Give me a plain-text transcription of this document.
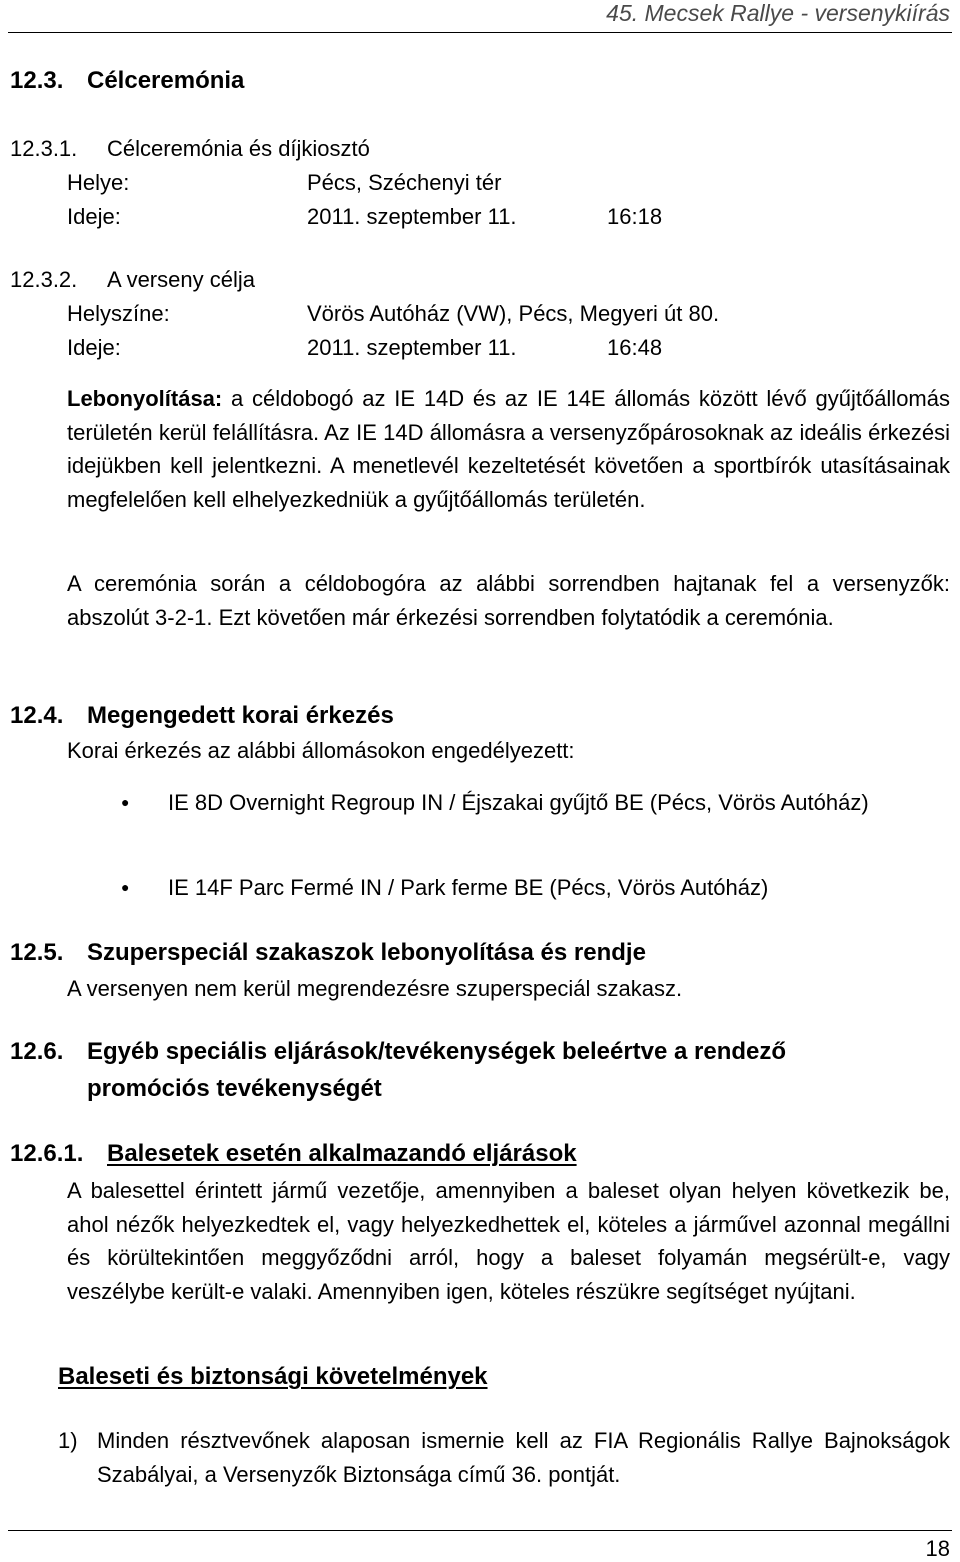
45. Mecsek Rallye - versenykiírás
12.3. Célceremónia
12.3.1. Célceremónia és díjkiosztó
Helye:	Pécs, Széchenyi tér
Ideje:	2011. szeptember 11.	16:18
12.3.2. A verseny célja
Helyszíne:	Vörös Autóház (VW), Pécs, Megyeri út 80.
Ideje:	2011. szeptember 11.	16:48
Lebonyolítása: a céldobogó az IE 14D és az IE 14E állomás között lévő gyűjtőállomás területén kerül felállításra. Az IE 14D állomásra a versenyzőpárosoknak az ideális érkezési idejükben kell jelentkezni. A menetlevél kezeltetését követően a sportbírók utasításainak megfelelően kell elhelyezkedniük a gyűjtőállomás területén.
A ceremónia során a céldobogóra az alábbi sorrendben hajtanak fel a versenyzők: abszolút 3-2-1. Ezt követően már érkezési sorrendben folytatódik a ceremónia.
12.4. Megengedett korai érkezés
Korai érkezés az alábbi állomásokon engedélyezett:
● IE 8D Overnight Regroup IN / Éjszakai gyűjtő BE (Pécs, Vörös Autóház)
● IE 14F Parc Fermé IN / Park ferme BE (Pécs, Vörös Autóház)
12.5. Szuperspeciál szakaszok lebonyolítása és rendje
A versenyen nem kerül megrendezésre szuperspeciál szakasz.
12.6. Egyéb speciális eljárások/tevékenységek beleértve a rendező
promóciós tevékenységét
12.6.1. Balesetek esetén alkalmazandó eljárások
A balesettel érintett jármű vezetője, amennyiben a baleset olyan helyen következik be, ahol nézők helyezkedtek el, vagy helyezkedhettek el, köteles a járművel azonnal megállni és körültekintően meggyőződni arról, hogy a baleset folyamán megsérült-e, vagy veszélybe került-e valaki. Amennyiben igen, köteles részükre segítséget nyújtani.
Baleseti és biztonsági követelmények
1) Minden résztvevőnek alaposan ismernie kell az FIA Regionális Rallye Bajnokságok Szabályai, a Versenyzők Biztonsága című 36. pontját.
18
